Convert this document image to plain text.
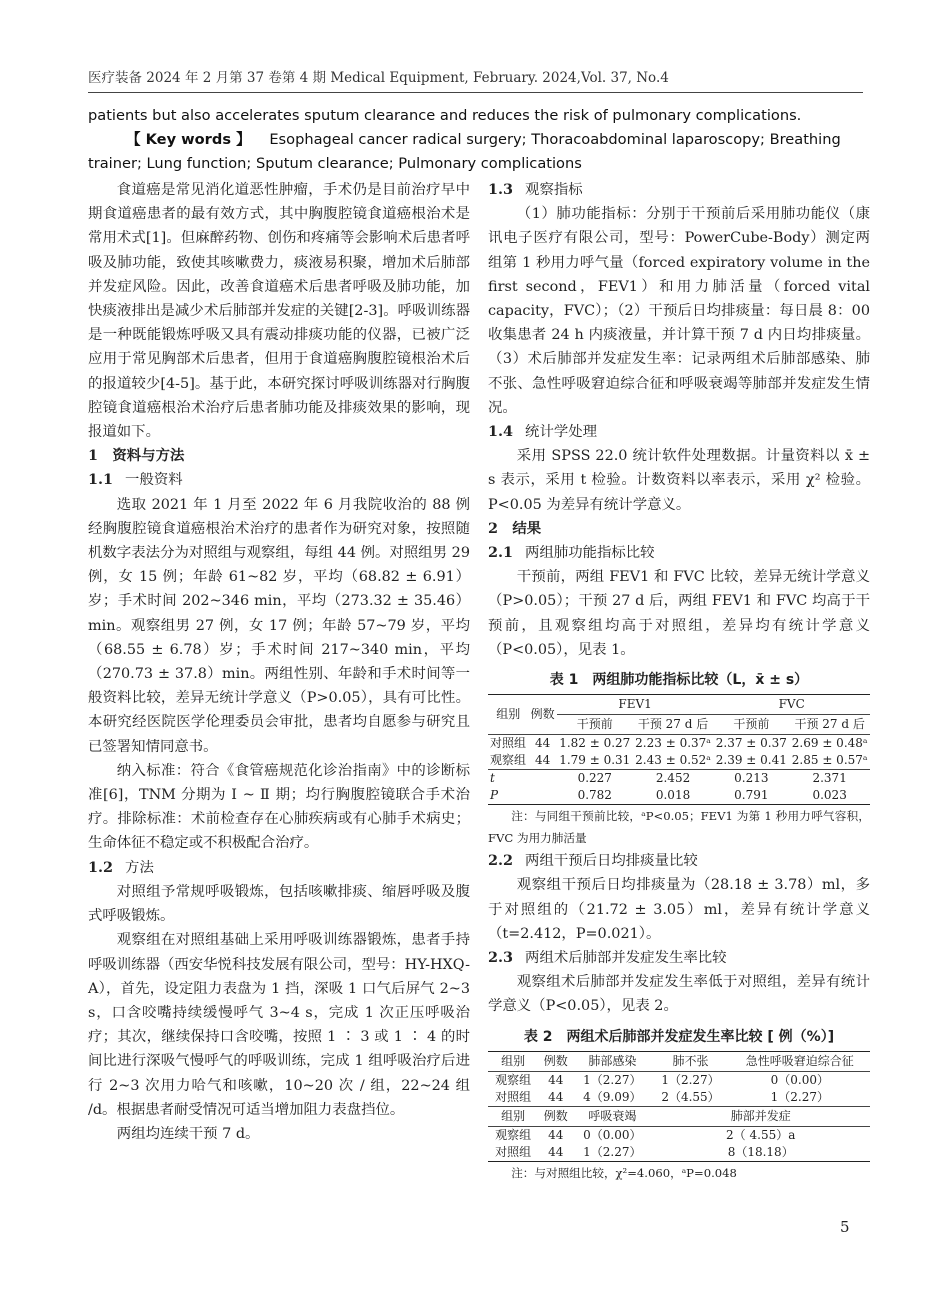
医疗装备 2024 年 2 月第 37 卷第 4 期 Medical Equipment, February. 2024,Vol. 37, No.4
patients but also accelerates sputum clearance and reduces the risk of pulmonary complications.
【 Key words 】 Esophageal cancer radical surgery; Thoracoabdominal laparoscopy; Breathing trainer; Lung function; Sputum clearance; Pulmonary complications

食道癌是常见消化道恶性肿瘤，手术仍是目前治疗早中期食道癌患者的最有效方式，其中胸腹腔镜食道癌根治术是常用术式[1]。但麻醉药物、创伤和疼痛等会影响术后患者呼吸及肺功能，致使其咳嗽费力，痰液易积聚，增加术后肺部并发症风险。因此，改善食道癌术后患者呼吸及肺功能，加快痰液排出是减少术后肺部并发症的关键[2-3]。呼吸训练器是一种既能锻炼呼吸又具有震动排痰功能的仪器，已被广泛应用于常见胸部术后患者，但用于食道癌胸腹腔镜根治术后的报道较少[4-5]。基于此，本研究探讨呼吸训练器对行胸腹腔镜食道癌根治术治疗后患者肺功能及排痰效果的影响，现报道如下。

1　资料与方法

1.1 一般资料

选取 2021 年 1 月至 2022 年 6 月我院收治的 88 例经胸腹腔镜食道癌根治术治疗的患者作为研究对象，按照随机数字表法分为对照组与观察组，每组 44 例。对照组男 29 例，女 15 例；年龄 61~82 岁，平均（68.82 ± 6.91）岁；手术时间 202~346 min，平均（273.32 ± 35.46）min。观察组男 27 例，女 17 例；年龄 57~79 岁，平均（68.55 ± 6.78）岁；手术时间 217~340 min，平均（270.73 ± 37.8）min。两组性别、年龄和手术时间等一般资料比较，差异无统计学意义（P>0.05），具有可比性。本研究经医院医学伦理委员会审批，患者均自愿参与研究且已签署知情同意书。

纳入标准：符合《食管癌规范化诊治指南》中的诊断标准[6]，TNM 分期为 Ⅰ ~ Ⅱ 期；均行胸腹腔镜联合手术治疗。排除标准：术前检查存在心肺疾病或有心肺手术病史；生命体征不稳定或不积极配合治疗。

1.2 方法

对照组予常规呼吸锻炼，包括咳嗽排痰、缩唇呼吸及腹式呼吸锻炼。

观察组在对照组基础上采用呼吸训练器锻炼，患者手持呼吸训练器（西安华悦科技发展有限公司，型号：HY-HXQ-A），首先，设定阻力表盘为 1 挡，深吸 1 口气后屏气 2~3 s，口含咬嘴持续缓慢呼气 3~4 s，完成 1 次正压呼吸治疗；其次，继续保持口含咬嘴，按照 1 ∶ 3 或 1 ∶ 4 的时间比进行深吸气慢呼气的呼吸训练，完成 1 组呼吸治疗后进行 2~3 次用力哈气和咳嗽，10~20 次 / 组，22~24 组 /d。根据患者耐受情况可适当增加阻力表盘挡位。

两组均连续干预 7 d。

1.3 观察指标

（1）肺功能指标：分别于干预前后采用肺功能仪（康讯电子医疗有限公司，型号：PowerCube-Body）测定两组第 1 秒用力呼气量（forced expiratory volume in the first second，FEV1）和用力肺活量（forced vital capacity，FVC）；（2）干预后日均排痰量：每日晨 8：00 收集患者 24 h 内痰液量，并计算干预 7 d 内日均排痰量。（3）术后肺部并发症发生率：记录两组术后肺部感染、肺不张、急性呼吸窘迫综合征和呼吸衰竭等肺部并发症发生情况。

1.4 统计学处理

采用 SPSS 22.0 统计软件处理数据。计量资料以 x̄ ± s 表示，采用 t 检验。计数资料以率表示，采用 χ² 检验。P<0.05 为差异有统计学意义。

2　结果

2.1 两组肺功能指标比较

干预前，两组 FEV1 和 FVC 比较，差异无统计学意义（P>0.05）；干预 27 d 后，两组 FEV1 和 FVC 均高于干预前，且观察组均高于对照组，差异均有统计学意义（P<0.05），见表 1。

表 1　两组肺功能指标比较（L，x̄ ± s）
组别	例数	FEV1		FVC	
		干预前	干预 27 d 后	干预前	干预 27 d 后
对照组	44	1.82 ± 0.27	2.23 ± 0.37ᵃ	2.37 ± 0.37	2.69 ± 0.48ᵃ
观察组	44	1.79 ± 0.31	2.43 ± 0.52ᵃ	2.39 ± 0.41	2.85 ± 0.57ᵃ
t		0.227	2.452	0.213	2.371
P		0.782	0.018	0.791	0.023

注：与同组干预前比较，ᵃP<0.05；FEV1 为第 1 秒用力呼气容积，FVC 为用力肺活量

2.2 两组干预后日均排痰量比较

观察组干预后日均排痰量为（28.18 ± 3.78）ml，多于对照组的（21.72 ± 3.05）ml，差异有统计学意义（t=2.412，P=0.021）。

2.3 两组术后肺部并发症发生率比较

观察组术后肺部并发症发生率低于对照组，差异有统计学意义（P<0.05），见表 2。

表 2　两组术后肺部并发症发生率比较 [ 例（%）]
组别	例数	肺部感染	肺不张	急性呼吸窘迫综合征
观察组	44	1（2.27）	1（2.27）	0（0.00）
对照组	44	4（9.09）	2（4.55）	1（2.27）
组别	例数	呼吸衰竭	肺部并发症	
观察组	44	0（0.00）	2（ 4.55）a	
对照组	44	1（2.27）	8（18.18）	

注：与对照组比较，χ²=4.060，ᵃP=0.048

5
